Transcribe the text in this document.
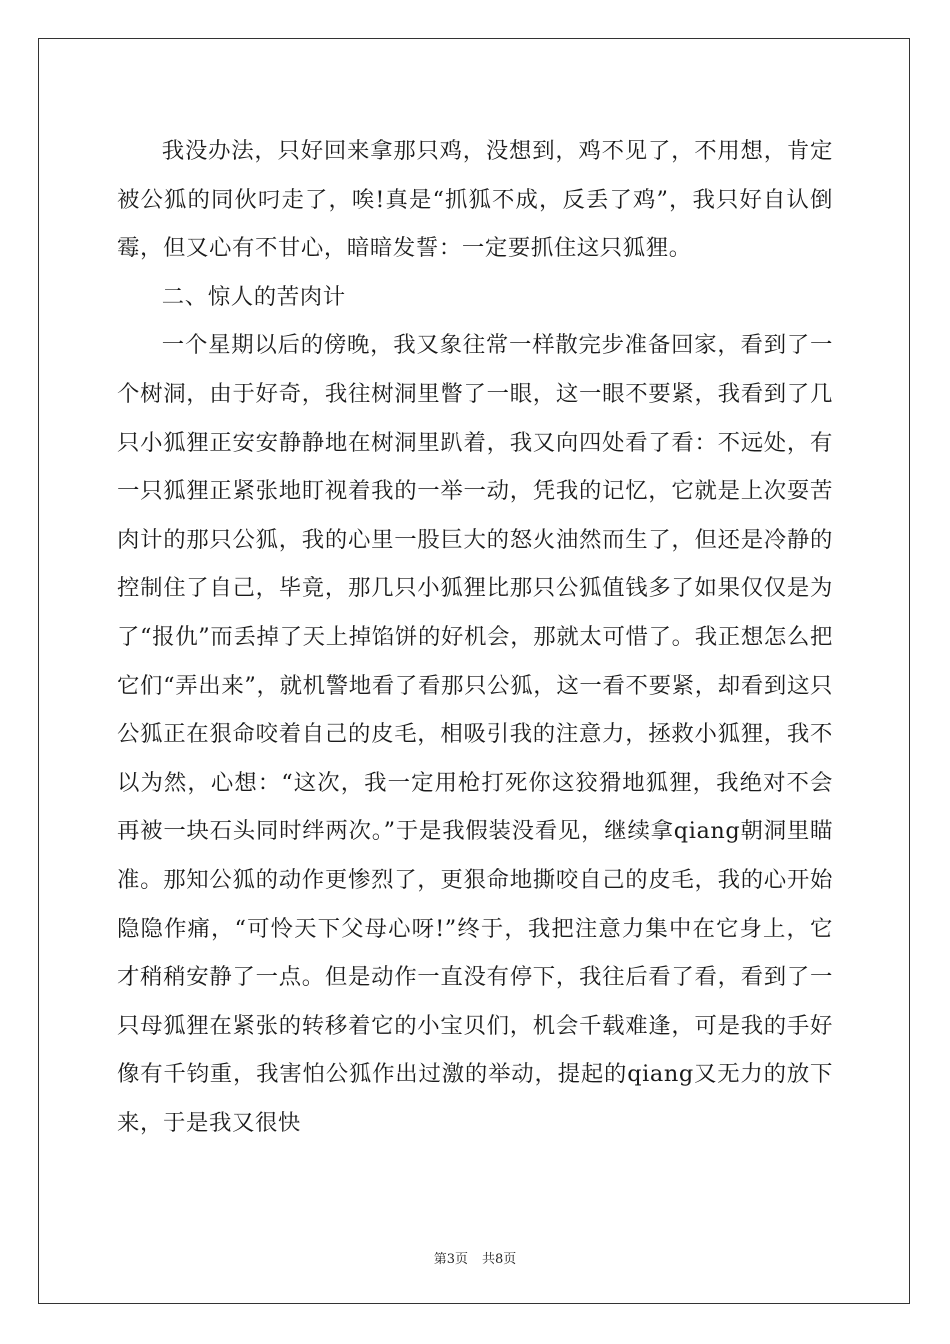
我没办法，只好回来拿那只鸡，没想到，鸡不见了，不用想，肯定被公狐的同伙叼走了，唉!真是“抓狐不成，反丢了鸡”，我只好自认倒霉，但又心有不甘心，暗暗发誓：一定要抓住这只狐狸。

二、惊人的苦肉计

一个星期以后的傍晚，我又象往常一样散完步准备回家，看到了一个树洞，由于好奇，我往树洞里瞥了一眼，这一眼不要紧，我看到了几只小狐狸正安安静静地在树洞里趴着，我又向四处看了看：不远处，有一只狐狸正紧张地盯视着我的一举一动，凭我的记忆，它就是上次耍苦肉计的那只公狐，我的心里一股巨大的怒火油然而生了，但还是冷静的控制住了自己，毕竟，那几只小狐狸比那只公狐值钱多了如果仅仅是为了“报仇”而丢掉了天上掉馅饼的好机会，那就太可惜了。我正想怎么把它们“弄出来”，就机警地看了看那只公狐，这一看不要紧，却看到这只公狐正在狠命咬着自己的皮毛，相吸引我的注意力，拯救小狐狸，我不以为然，心想：“这次，我一定用枪打死你这狡猾地狐狸，我绝对不会再被一块石头同时绊两次。”于是我假装没看见，继续拿qiang朝洞里瞄准。那知公狐的动作更惨烈了，更狠命地撕咬自己的皮毛，我的心开始隐隐作痛，“可怜天下父母心呀!”终于，我把注意力集中在它身上，它才稍稍安静了一点。但是动作一直没有停下，我往后看了看，看到了一只母狐狸在紧张的转移着它的小宝贝们，机会千载难逢，可是我的手好像有千钧重，我害怕公狐作出过激的举动，提起的qiang又无力的放下来，于是我又很快

第3页 共8页
